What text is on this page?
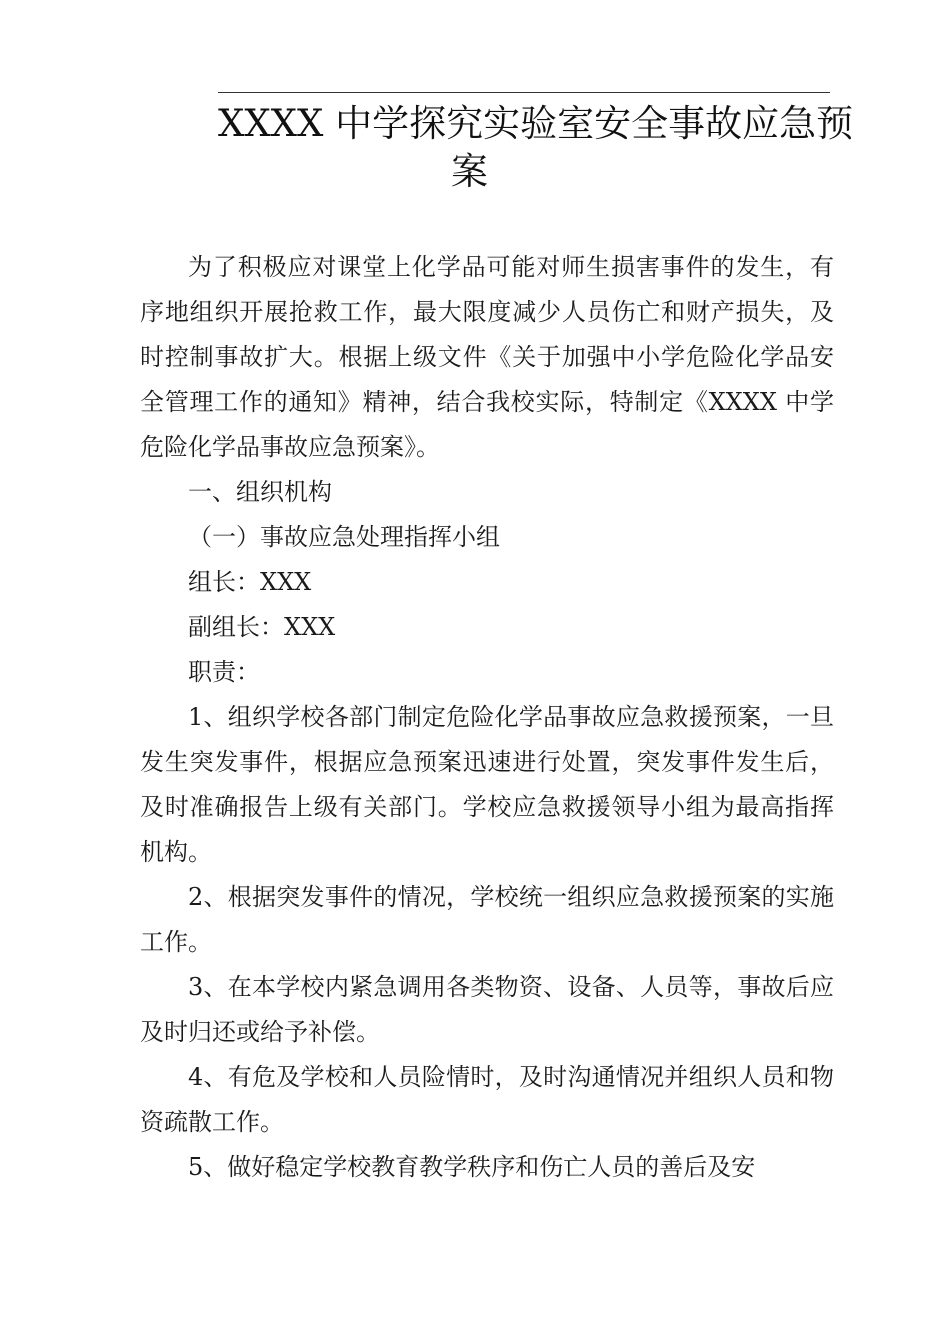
XXXX 中学探究实验室安全事故应急预
案

为了积极应对课堂上化学品可能对师生损害事件的发生，有序地组织开展抢救工作，最大限度减少人员伤亡和财产损失，及时控制事故扩大。根据上级文件《关于加强中小学危险化学品安全管理工作的通知》精神，结合我校实际，特制定《XXXX 中学危险化学品事故应急预案》。

一、组织机构

（一）事故应急处理指挥小组

组长：XXX

副组长：XXX

职责：

1、组织学校各部门制定危险化学品事故应急救援预案，一旦发生突发事件，根据应急预案迅速进行处置，突发事件发生后，及时准确报告上级有关部门。学校应急救援领导小组为最高指挥机构。

2、根据突发事件的情况，学校统一组织应急救援预案的实施工作。

3、在本学校内紧急调用各类物资、设备、人员等，事故后应及时归还或给予补偿。

4、有危及学校和人员险情时，及时沟通情况并组织人员和物资疏散工作。

5、做好稳定学校教育教学秩序和伤亡人员的善后及安
